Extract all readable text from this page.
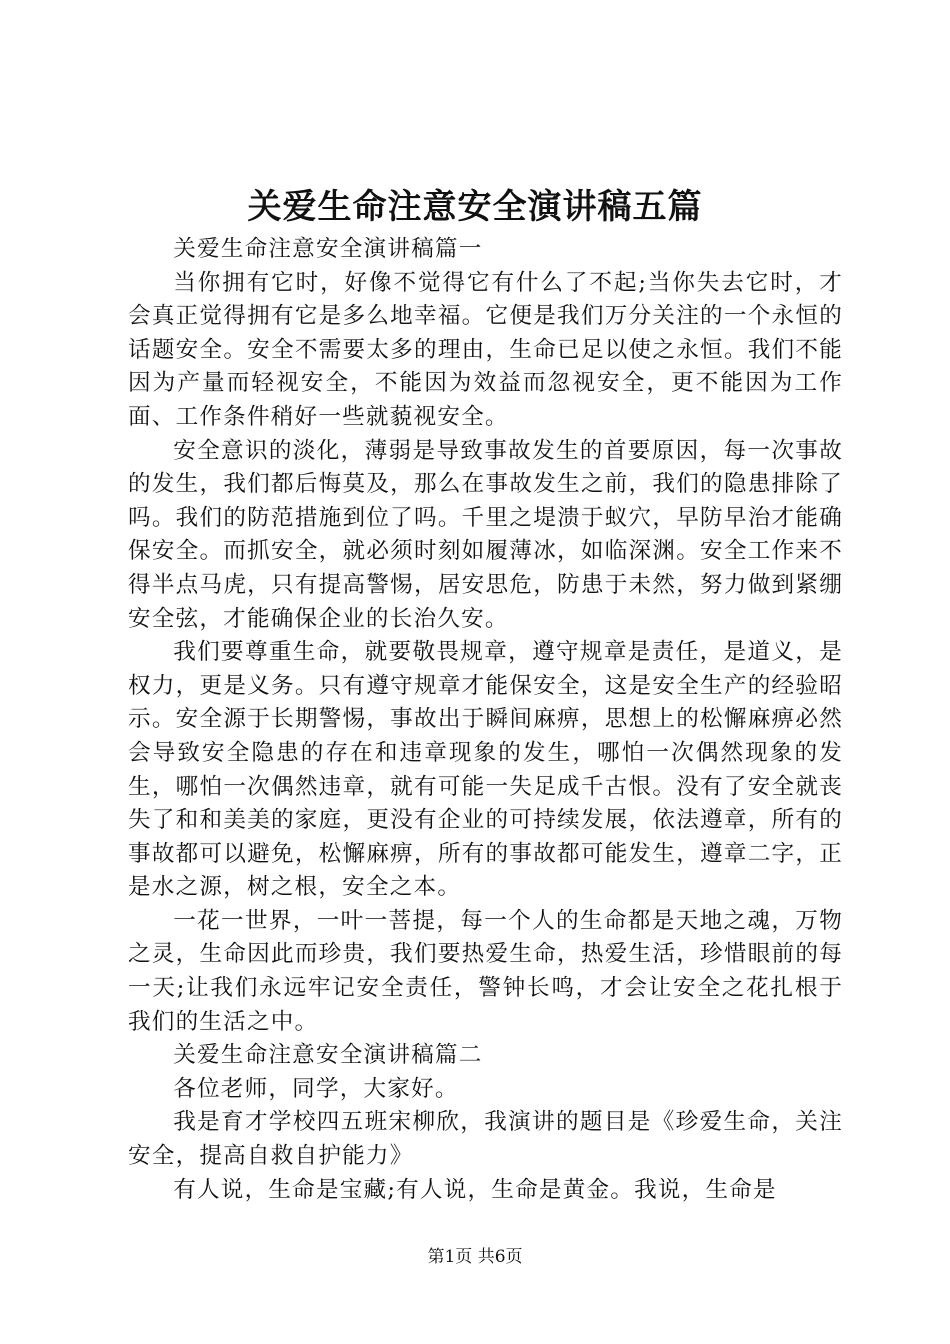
关爱生命注意安全演讲稿五篇

关爱生命注意安全演讲稿篇一

当你拥有它时，好像不觉得它有什么了不起;当你失去它时，才会真正觉得拥有它是多么地幸福。它便是我们万分关注的一个永恒的话题安全。安全不需要太多的理由，生命已足以使之永恒。我们不能因为产量而轻视安全，不能因为效益而忽视安全，更不能因为工作面、工作条件稍好一些就藐视安全。

安全意识的淡化，薄弱是导致事故发生的首要原因，每一次事故的发生，我们都后悔莫及，那么在事故发生之前，我们的隐患排除了吗。我们的防范措施到位了吗。千里之堤溃于蚁穴，早防早治才能确保安全。而抓安全，就必须时刻如履薄冰，如临深渊。安全工作来不得半点马虎，只有提高警惕，居安思危，防患于未然，努力做到紧绷安全弦，才能确保企业的长治久安。

我们要尊重生命，就要敬畏规章，遵守规章是责任，是道义，是权力，更是义务。只有遵守规章才能保安全，这是安全生产的经验昭示。安全源于长期警惕，事故出于瞬间麻痹，思想上的松懈麻痹必然会导致安全隐患的存在和违章现象的发生，哪怕一次偶然现象的发生，哪怕一次偶然违章，就有可能一失足成千古恨。没有了安全就丧失了和和美美的家庭，更没有企业的可持续发展，依法遵章，所有的事故都可以避免，松懈麻痹，所有的事故都可能发生，遵章二字，正是水之源，树之根，安全之本。

一花一世界，一叶一菩提，每一个人的生命都是天地之魂，万物之灵，生命因此而珍贵，我们要热爱生命，热爱生活，珍惜眼前的每一天;让我们永远牢记安全责任，警钟长鸣，才会让安全之花扎根于我们的生活之中。

关爱生命注意安全演讲稿篇二

各位老师，同学，大家好。

我是育才学校四五班宋柳欣，我演讲的题目是《珍爱生命，关注安全，提高自救自护能力》

有人说，生命是宝藏;有人说，生命是黄金。我说，生命是

第1页 共6页
